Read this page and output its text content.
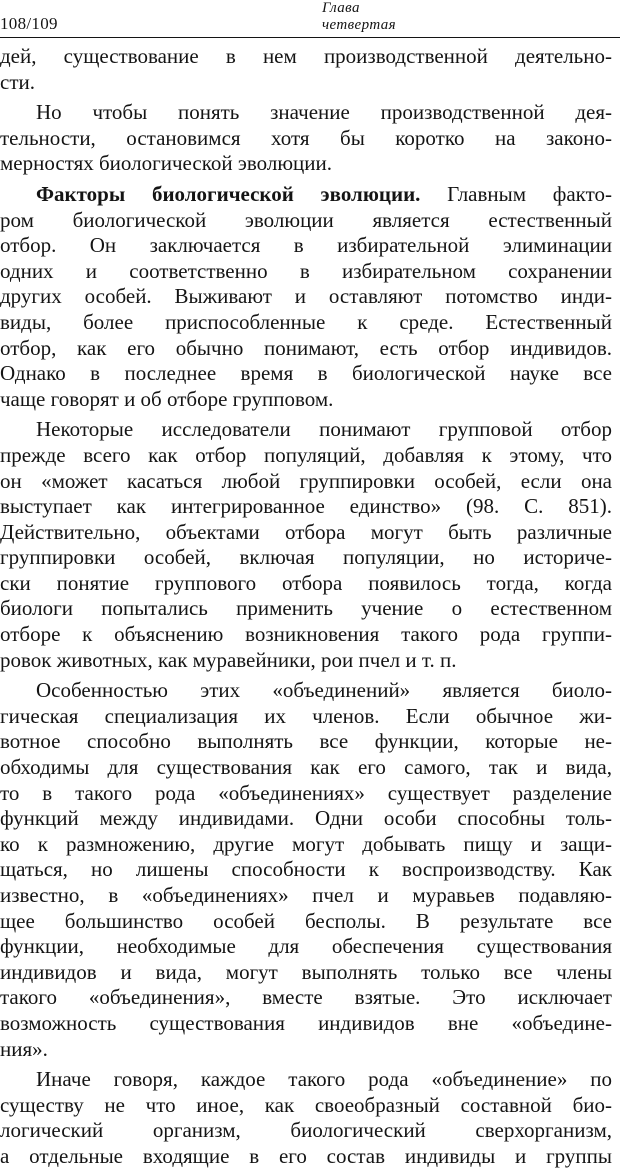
108/109
Глава
четвертая
дей, существование в нем производственной деятельно-
сти.
Но чтобы понять значение производственной дея-
тельности, остановимся хотя бы коротко на законо-
мерностях биологической эволюции.
Факторы биологической эволюции. Главным факто-
ром биологической эволюции является естественный
отбор. Он заключается в избирательной элиминации
одних и соответственно в избирательном сохранении
других особей. Выживают и оставляют потомство инди-
виды, более приспособленные к среде. Естественный
отбор, как его обычно понимают, есть отбор индивидов.
Однако в последнее время в биологической науке все
чаще говорят и об отборе групповом.
Некоторые исследователи понимают групповой отбор
прежде всего как отбор популяций, добавляя к этому, что
он «может касаться любой группировки особей, если она
выступает как интегрированное единство» (98. С. 851).
Действительно, объектами отбора могут быть различные
группировки особей, включая популяции, но историче-
ски понятие группового отбора появилось тогда, когда
биологи попытались применить учение о естественном
отборе к объяснению возникновения такого рода группи-
ровок животных, как муравейники, рои пчел и т. п.
Особенностью этих «объединений» является биоло-
гическая специализация их членов. Если обычное жи-
вотное способно выполнять все функции, которые не-
обходимы для существования как его самого, так и вида,
то в такого рода «объединениях» существует разделение
функций между индивидами. Одни особи способны толь-
ко к размножению, другие могут добывать пищу и защи-
щаться, но лишены способности к воспроизводству. Как
известно, в «объединениях» пчел и муравьев подавляю-
щее большинство особей бесполы. В результате все
функции, необходимые для обеспечения существования
индивидов и вида, могут выполнять только все члены
такого «объединения», вместе взятые. Это исключает
возможность существования индивидов вне «объедине-
ния».
Иначе говоря, каждое такого рода «объединение» по
существу не что иное, как своеобразный составной био-
логический организм, биологический сверхорганизм,
а отдельные входящие в его состав индивиды и группы
